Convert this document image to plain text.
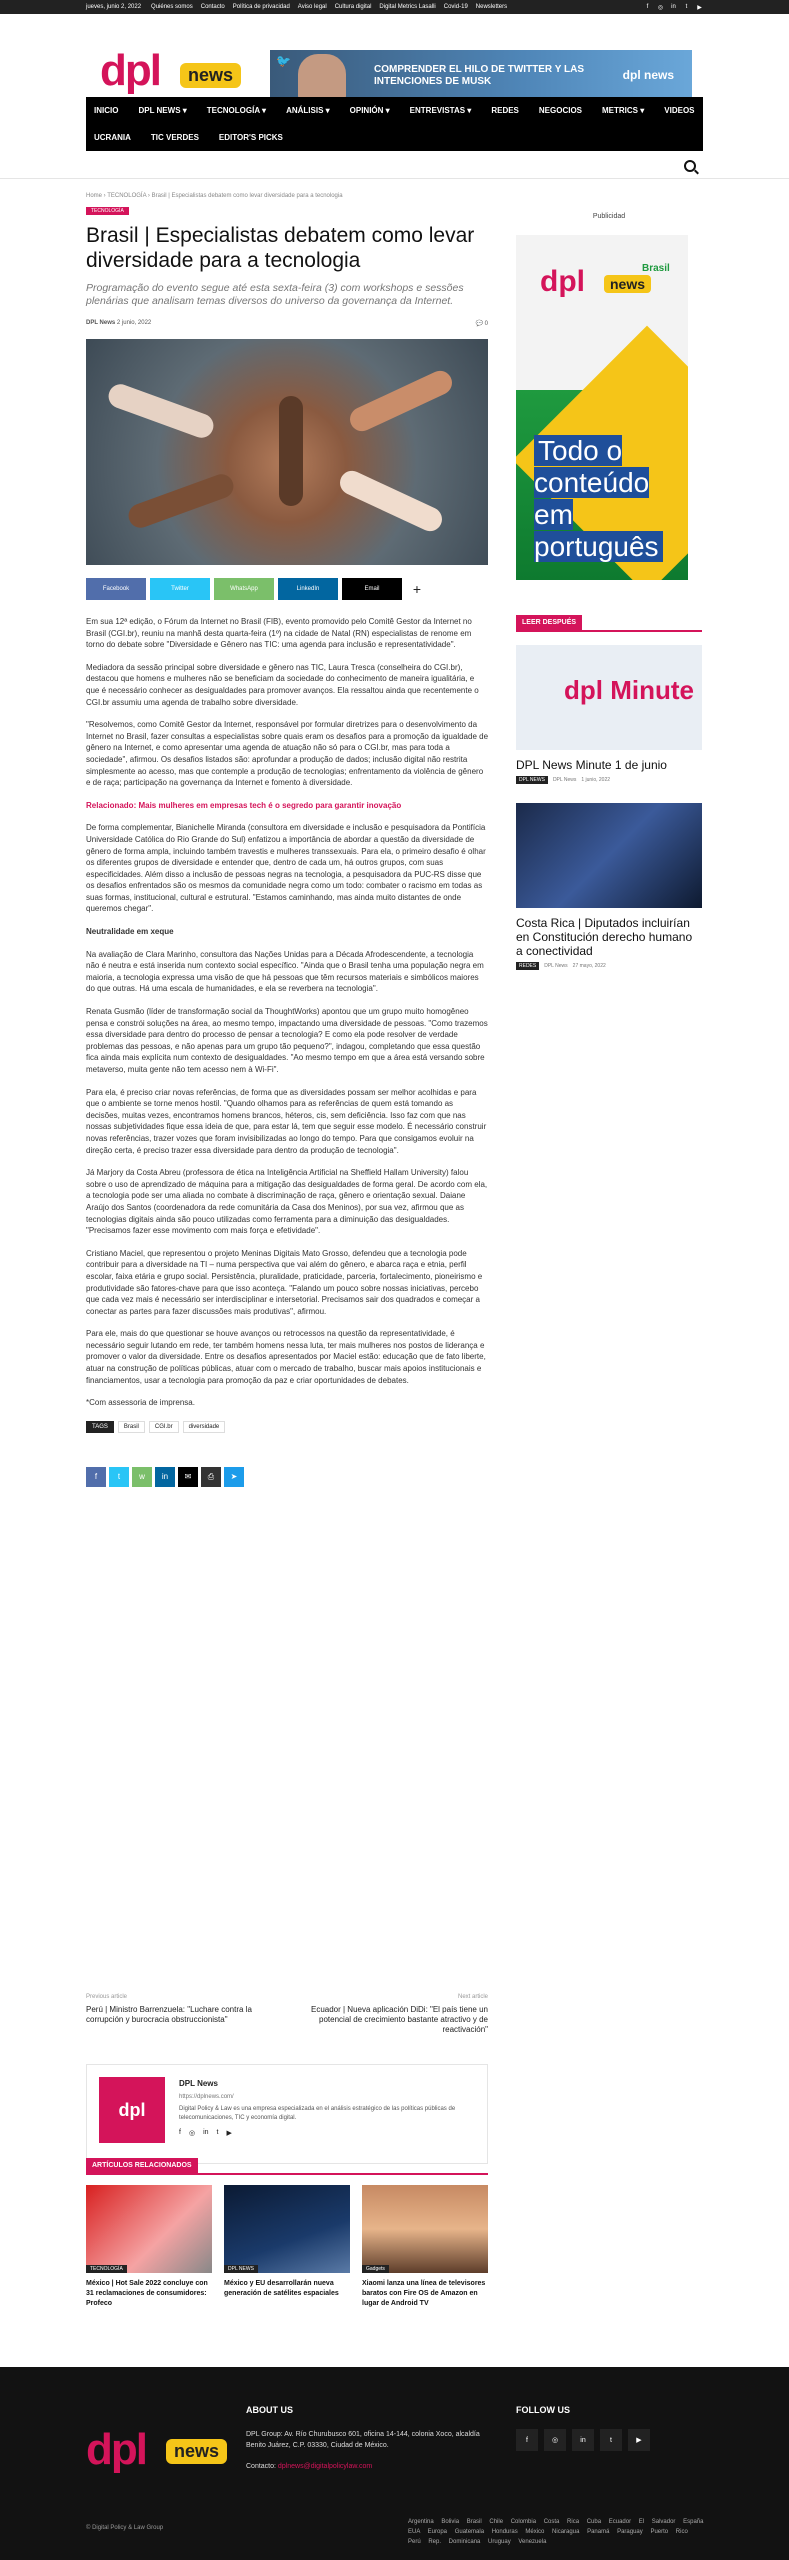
jueves, junio 2, 2022 Quiénes somos Contacto Política de privacidad Aviso legal Cultura digital Digital Metrics Lasalli Covid-19 Newsletters	f	◎ in	t	▶
dpl	news
🐦
COMPRENDER EL HILO DE TWITTER Y LAS INTENCIONES DE MUSK	dpl news
INICIO	DPL NEWS ▾	TECNOLOGÍA ▾	ANÁLISIS ▾	OPINIÓN ▾	ENTREVISTAS ▾	REDES	NEGOCIOS	METRICS ▾	VIDEOS
UCRANIA	TIC VERDES	EDITOR'S PICKS
Home › TECNOLOGÍA › Brasil | Especialistas debatem como levar diversidade para a tecnologia
TECNOLOGÍA
Brasil | Especialistas debatem como levar diversidade para a tecnologia

Programação do evento segue até esta sexta-feira (3) com workshops e sessões plenárias que analisam temas diversos do universo da governança da Internet.

DPL News 2 junio, 2022	💬 0
Facebook	Twitter	WhatsApp	LinkedIn	Email	+

Em sua 12ª edição, o Fórum da Internet no Brasil (FIB), evento promovido pelo Comitê Gestor da Internet no Brasil (CGI.br), reuniu na manhã desta quarta-feira (1º) na cidade de Natal (RN) especialistas de renome em torno do debate sobre "Diversidade e Gênero nas TIC: uma agenda para inclusão e representatividade".

Mediadora da sessão principal sobre diversidade e gênero nas TIC, Laura Tresca (conselheira do CGI.br), destacou que homens e mulheres não se beneficiam da sociedade do conhecimento de maneira igualitária, e que é necessário conhecer as desigualdades para promover avanços. Ela ressaltou ainda que recentemente o CGI.br assumiu uma agenda de trabalho sobre diversidade.

"Resolvemos, como Comitê Gestor da Internet, responsável por formular diretrizes para o desenvolvimento da Internet no Brasil, fazer consultas a especialistas sobre quais eram os desafios para a promoção da igualdade de gênero na Internet, e como apresentar uma agenda de atuação não só para o CGI.br, mas para toda a sociedade", afirmou. Os desafios listados são: aprofundar a produção de dados; inclusão digital não restrita simplesmente ao acesso, mas que contemple a produção de tecnologias; enfrentamento da violência de gênero e de raça; participação na governança da Internet e fomento à diversidade.

Relacionado: Mais mulheres em empresas tech é o segredo para garantir inovação

De forma complementar, Bianichelle Miranda (consultora em diversidade e inclusão e pesquisadora da Pontifícia Universidade Católica do Rio Grande do Sul) enfatizou a importância de abordar a questão da diversidade de gênero de forma ampla, incluindo também travestis e mulheres transsexuais. Para ela, o primeiro desafio é olhar os diferentes grupos de diversidade e entender que, dentro de cada um, há outros grupos, com suas especificidades. Além disso a inclusão de pessoas negras na tecnologia, a pesquisadora da PUC-RS disse que os desafios enfrentados são os mesmos da comunidade negra como um todo: combater o racismo em todas as suas formas, institucional, cultural e estrutural. "Estamos caminhando, mas ainda muito distantes de onde queremos chegar".

Neutralidade em xeque

Na avaliação de Clara Marinho, consultora das Nações Unidas para a Década Afrodescendente, a tecnologia não é neutra e está inserida num contexto social específico. "Ainda que o Brasil tenha uma população negra em maioria, a tecnologia expressa uma visão de que há pessoas que têm recursos materiais e simbólicos maiores do que outras. Há uma escala de humanidades, e ela se reverbera na tecnologia".

Renata Gusmão (líder de transformação social da ThoughtWorks) apontou que um grupo muito homogêneo pensa e constrói soluções na área, ao mesmo tempo, impactando uma diversidade de pessoas. "Como trazemos essa diversidade para dentro do processo de pensar a tecnologia? E como ela pode resolver de verdade problemas das pessoas, e não apenas para um grupo tão pequeno?", indagou, completando que essa questão fica ainda mais explícita num contexto de desigualdades. "Ao mesmo tempo em que a área está versando sobre metaverso, muita gente não tem acesso nem à Wi-Fi".

Para ela, é preciso criar novas referências, de forma que as diversidades possam ser melhor acolhidas e para que o ambiente se torne menos hostil. "Quando olhamos para as referências de quem está tomando as decisões, muitas vezes, encontramos homens brancos, héteros, cis, sem deficiência. Isso faz com que nas nossas subjetividades fique essa ideia de que, para estar lá, tem que seguir esse modelo. É necessário construir novas referências, trazer vozes que foram invisibilizadas ao longo do tempo. Para que consigamos evoluir na direção certa, é preciso trazer essa diversidade para dentro da produção de tecnologia".

Já Marjory da Costa Abreu (professora de ética na Inteligência Artificial na Sheffield Hallam University) falou sobre o uso de aprendizado de máquina para a mitigação das desigualdades de forma geral. De acordo com ela, a tecnologia pode ser uma aliada no combate à discriminação de raça, gênero e orientação sexual. Daiane Araújo dos Santos (coordenadora da rede comunitária da Casa dos Meninos), por sua vez, afirmou que as tecnologias digitais ainda são pouco utilizadas como ferramenta para a diminuição das desigualdades. "Precisamos fazer esse movimento com mais força e efetividade".

Cristiano Maciel, que representou o projeto Meninas Digitais Mato Grosso, defendeu que a tecnologia pode contribuir para a diversidade na TI – numa perspectiva que vai além do gênero, e abarca raça e etnia, perfil escolar, faixa etária e grupo social. Persistência, pluralidade, praticidade, parceria, fortalecimento, pioneirismo e produtividade são fatores-chave para que isso aconteça. "Falando um pouco sobre nossas iniciativas, percebo que cada vez mais é necessário ser interdisciplinar e intersetorial. Precisamos sair dos quadrados e começar a conectar as partes para fazer discussões mais produtivas", afirmou.

Para ele, mais do que questionar se houve avanços ou retrocessos na questão da representatividade, é necessário seguir lutando em rede, ter também homens nessa luta, ter mais mulheres nos postos de liderança e promover o valor da diversidade. Entre os desafios apresentados por Maciel estão: educação que de fato liberte, atuar na construção de políticas públicas, atuar com o mercado de trabalho, buscar mais apoios institucionais e financiamentos, usar a tecnologia para promoção da paz e criar oportunidades de debates.

*Com assessoria de imprensa.

TAGS	Brasil	CGI.br	diversidade
f	t	w	in	✉	⎙	➤
Previous article
Perú | Ministro Barrenzuela: "Luchare contra la corrupción y burocracia obstruccionista"
Next article
Ecuador | Nueva aplicación DiDi: "El país tiene un potencial de crecimiento bastante atractivo y de reactivación"
dpl
DPL News
https://dplnews.com/
Digital Policy & Law es una empresa especializada en el análisis estratégico de las políticas públicas de telecomunicaciones, TIC y economía digital.
f ◎ in t ▶
ARTÍCULOS RELACIONADOS
TECNOLOGÍA
México | Hot Sale 2022 concluye con 31 reclamaciones de consumidores: Profeco
DPL NEWS
México y EU desarrollarán nueva generación de satélites espaciales
Gadgets
Xiaomi lanza una línea de televisores baratos con Fire OS de Amazon en lugar de Android TV
Publicidad
Brasil
dpl	news
Todo o conteúdo em português
LEER DESPUÉS
dpl Minute
DPL News Minute 1 de junio
DPL NEWS	DPL News 1 junio, 2022
Costa Rica | Diputados incluirían en Constitución derecho humano a conectividad
REDES	DPL News 27 mayo, 2022
dpl	news
ABOUT US

DPL Group: Av. Río Churubusco 601, oficina 14-144, colonia Xoco, alcaldía Benito Juárez, C.P. 03330, Ciudad de México.

Contacto: dplnews@digitalpolicylaw.com

FOLLOW US
f	◎	in	t	▶
© Digital Policy & Law Group
Argentina Bolivia Brasil Chile Colombia Costa Rica Cuba Ecuador El Salvador España EUA Europa Guatemala Honduras México Nicaragua Panamá Paraguay Puerto Rico Perú Rep. Dominicana Uruguay Venezuela
